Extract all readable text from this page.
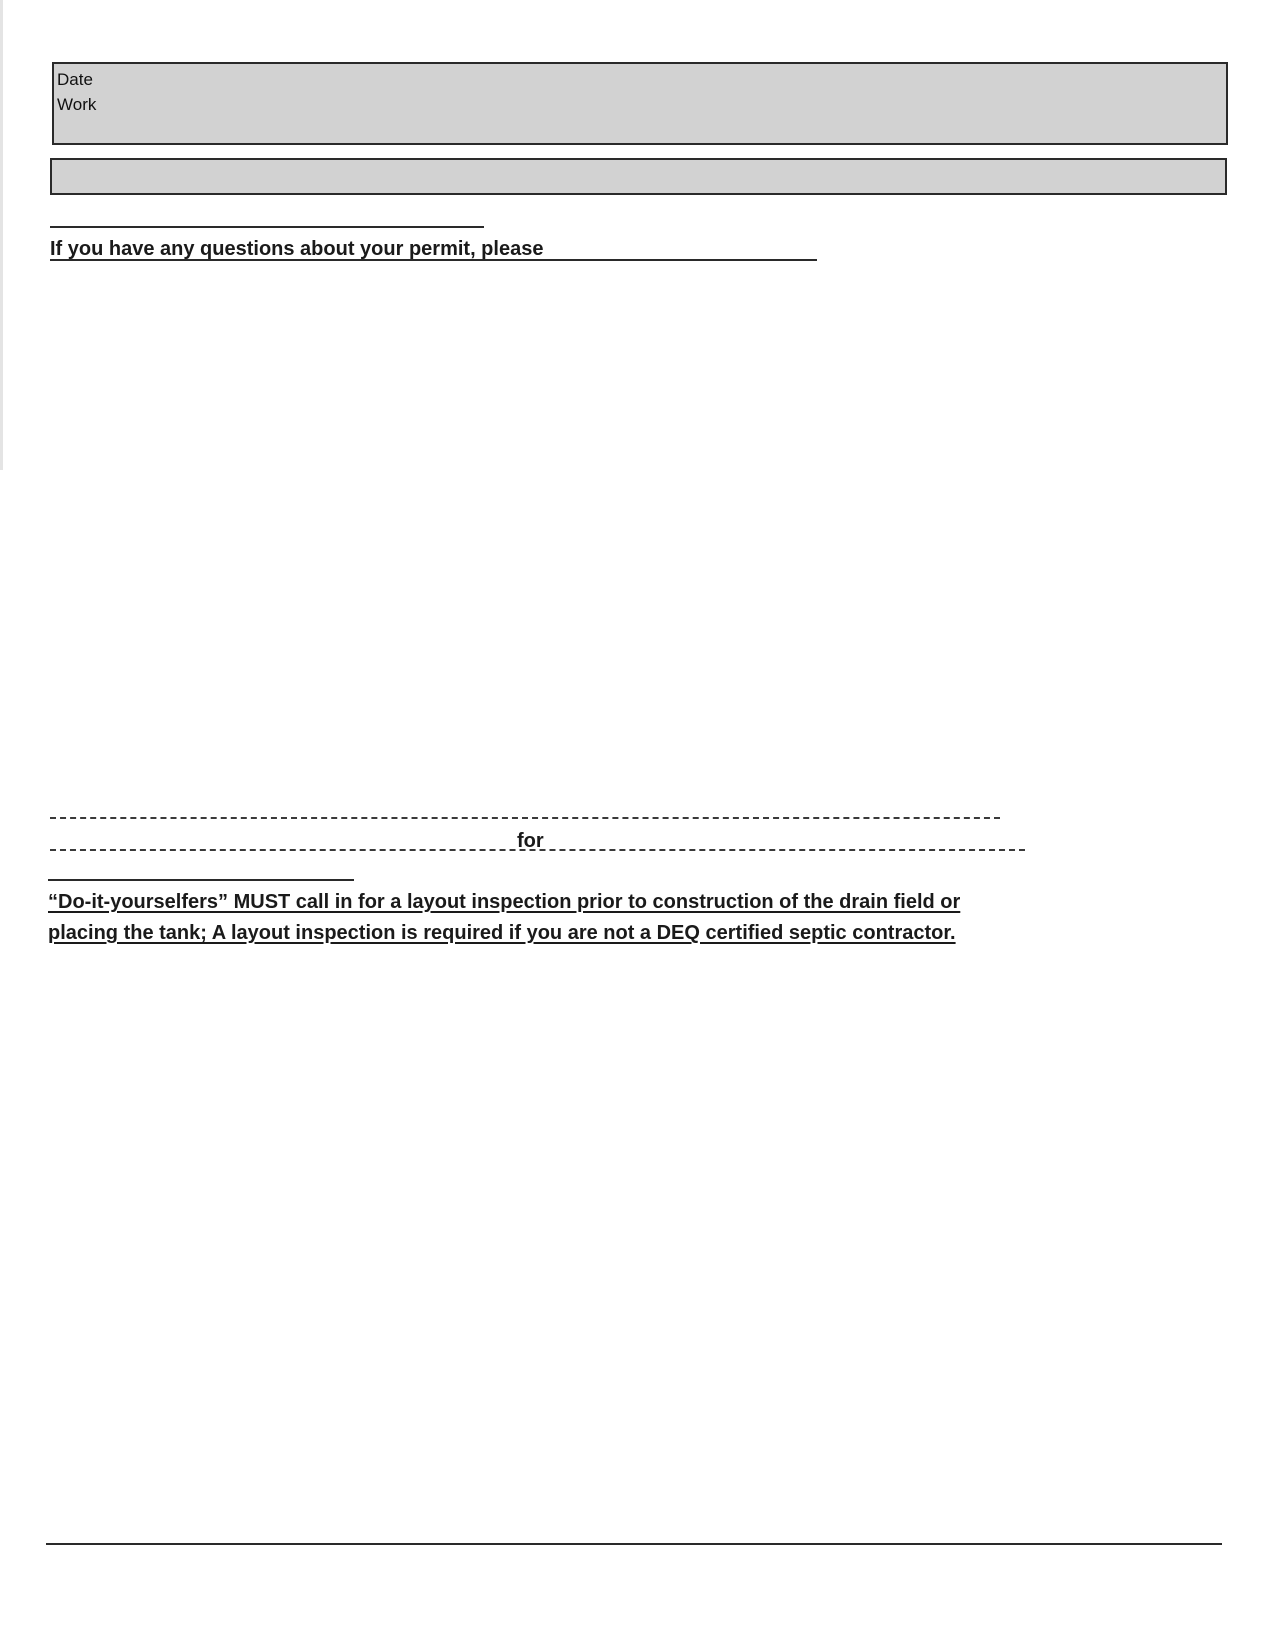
Date
Work
If you have any questions about your permit, please
for
“Do-it-yourselfers” MUST call in for a layout inspection prior to construction of the drain field or
placing the tank; A layout inspection is required if you are not a DEQ certified septic contractor.
